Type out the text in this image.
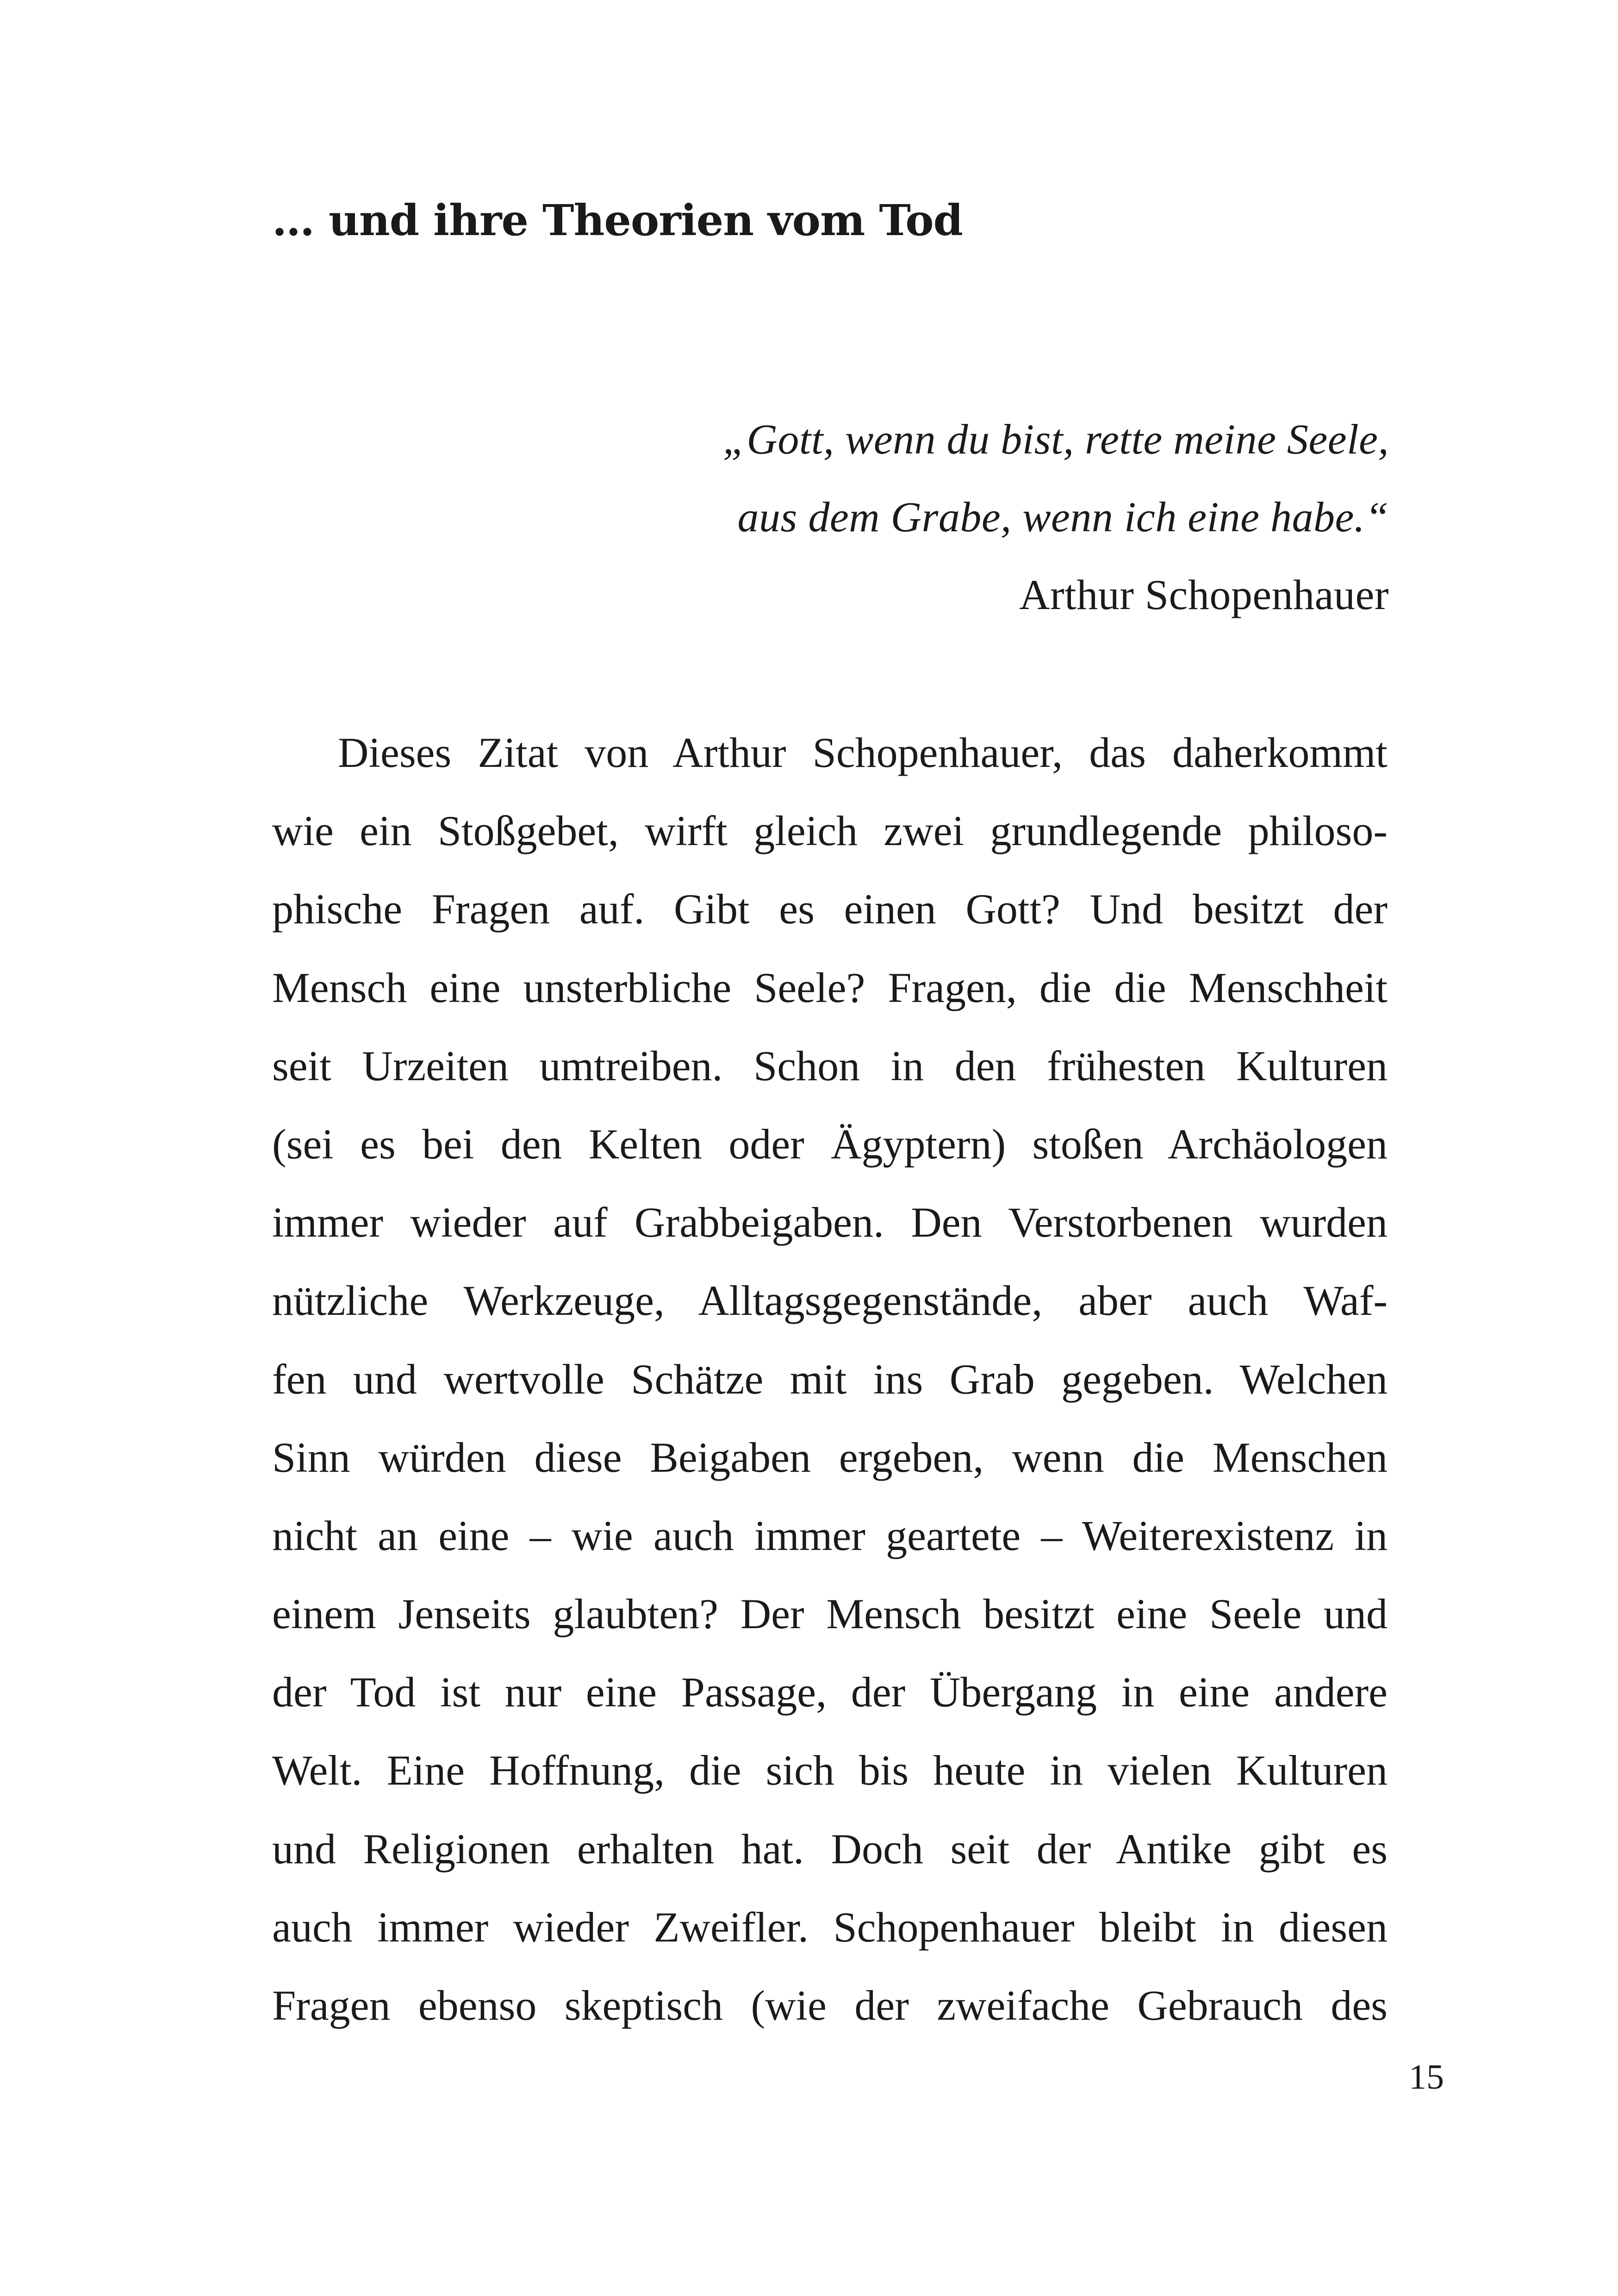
… und ihre Theorien vom Tod
„Gott, wenn du bist, rette meine Seele,
aus dem Grabe, wenn ich eine habe.“
Arthur Schopenhauer
Dieses Zitat von Arthur Schopenhauer, das daherkommt
wie ein Stoßgebet, wirft gleich zwei grundlegende philoso-
phische Fragen auf. Gibt es einen Gott? Und besitzt der
Mensch eine unsterbliche Seele? Fragen, die die Menschheit
seit Urzeiten umtreiben. Schon in den frühesten Kulturen
(sei es bei den Kelten oder Ägyptern) stoßen Archäologen
immer wieder auf Grabbeigaben. Den Verstorbenen wurden
nützliche Werkzeuge, Alltagsgegenstände, aber auch Waf-
fen und wertvolle Schätze mit ins Grab gegeben. Welchen
Sinn würden diese Beigaben ergeben, wenn die Menschen
nicht an eine – wie auch immer geartete – Weiterexistenz in
einem Jenseits glaubten? Der Mensch besitzt eine Seele und
der Tod ist nur eine Passage, der Übergang in eine andere
Welt. Eine Hoffnung, die sich bis heute in vielen Kulturen
und Religionen erhalten hat. Doch seit der Antike gibt es
auch immer wieder Zweifler. Schopenhauer bleibt in diesen
Fragen ebenso skeptisch (wie der zweifache Gebrauch des
15
